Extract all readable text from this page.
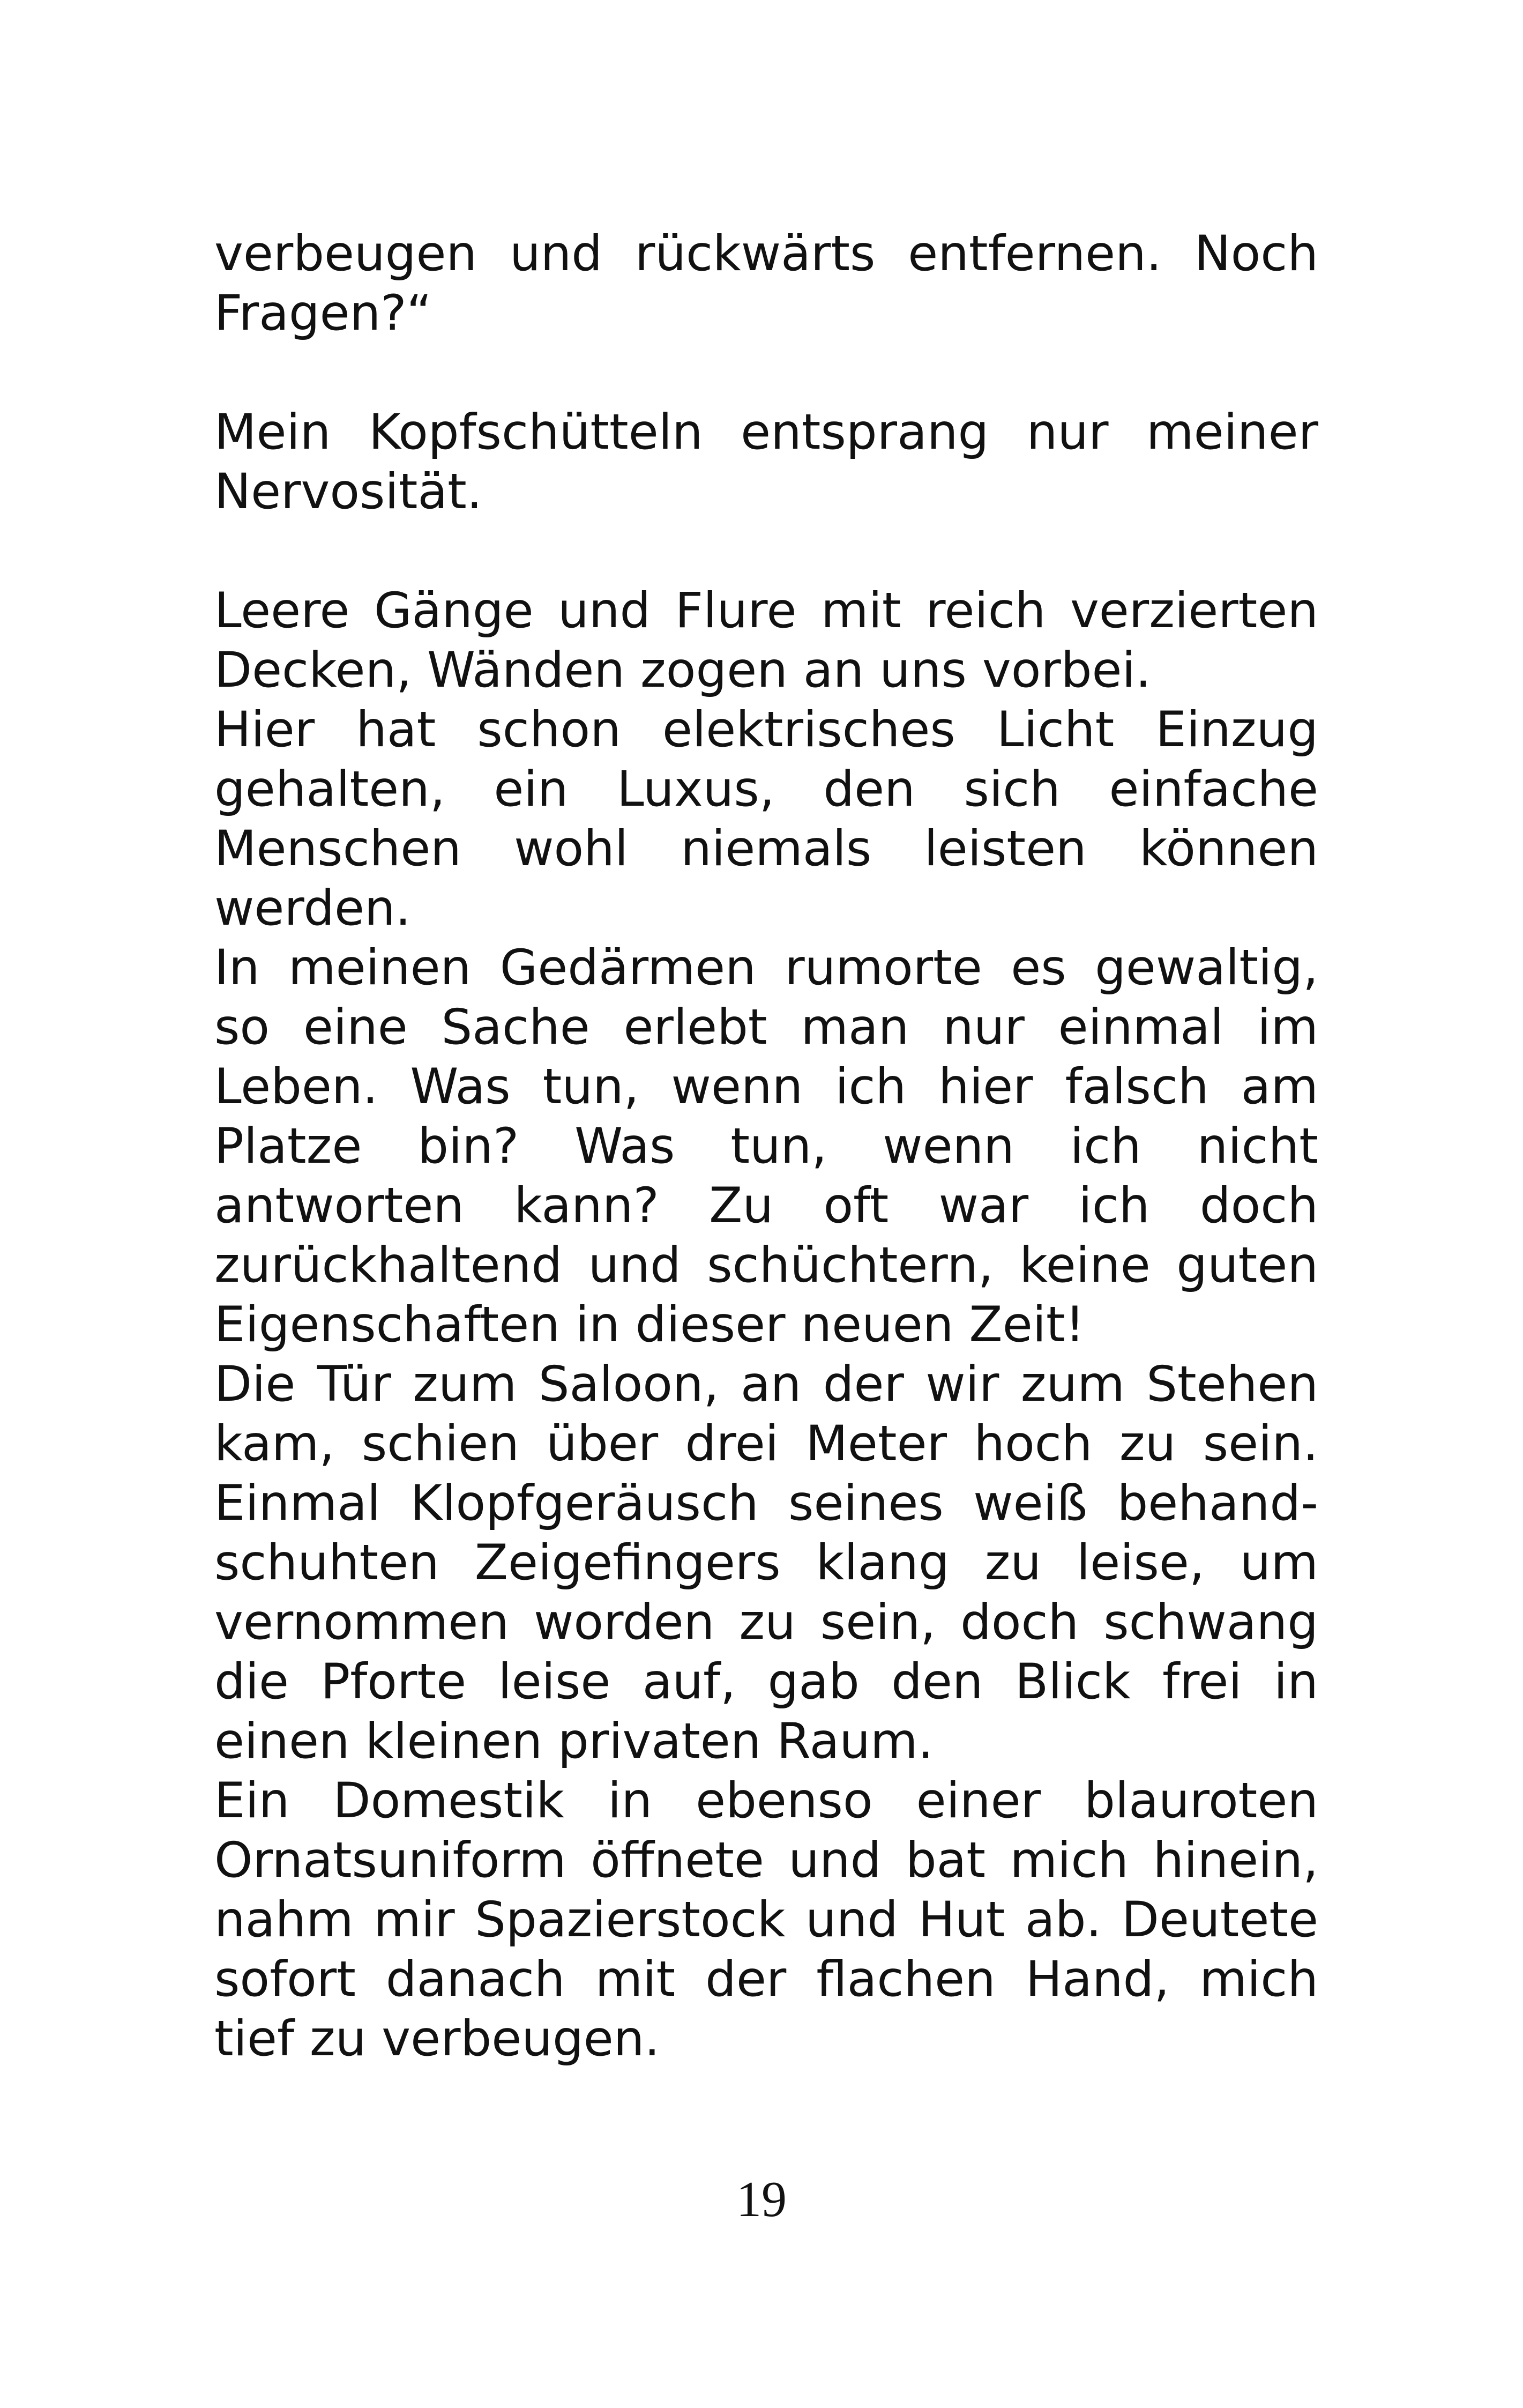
verbeugen und rückwärts entfernen. Noch Fragen?“

Mein Kopfschütteln entsprang nur meiner Nervosität.

Leere Gänge und Flure mit reich verzierten Decken, Wänden zogen an uns vorbei.

Hier hat schon elektrisches Licht Einzug gehalten, ein Luxus, den sich einfache Menschen wohl niemals leisten können werden.

In meinen Gedärmen rumorte es gewaltig, so eine Sache erlebt man nur einmal im Leben. Was tun, wenn ich hier falsch am Platze bin? Was tun, wenn ich nicht antworten kann? Zu oft war ich doch zurückhaltend und schüchtern, keine guten Eigenschaften in dieser neuen Zeit!

Die Tür zum Saloon, an der wir zum Stehen kam, schien über drei Meter hoch zu sein. Einmal Klopfgeräusch seines weiß behand-schuhten Zeigefingers klang zu leise, um vernommen worden zu sein, doch schwang die Pforte leise auf, gab den Blick frei in einen kleinen privaten Raum.

Ein Domestik in ebenso einer blauroten Ornatsuniform öffnete und bat mich hinein, nahm mir Spazierstock und Hut ab. Deutete sofort danach mit der flachen Hand, mich tief zu verbeugen.

19
